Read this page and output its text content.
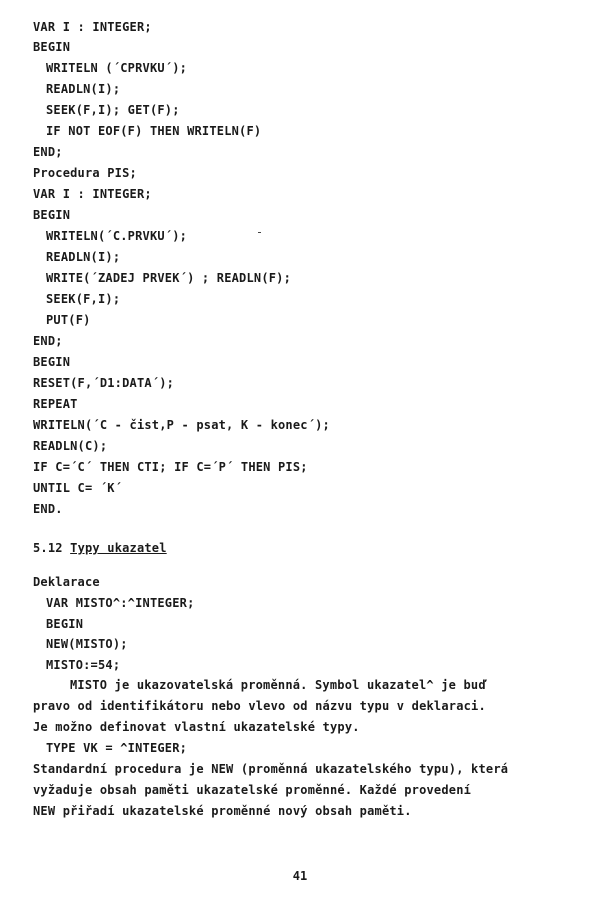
VAR I : INTEGER;
BEGIN
WRITELN (´CPRVKU´);
READLN(I);
SEEK(F,I); GET(F);
IF NOT EOF(F) THEN WRITELN(F)
END;
Procedura PIS;
VAR I : INTEGER;
BEGIN
WRITELN(´C.PRVKU´);
READLN(I);
WRITE(´ZADEJ PRVEK´) ; READLN(F);
SEEK(F,I);
PUT(F)
END;
BEGIN
RESET(F,´D1:DATA´);
REPEAT
WRITELN(´C - čist,P - psat, K - konec´);
READLN(C);
IF C=´C´ THEN CTI; IF C=´P´ THEN PIS;
UNTIL C= ´K´
END.
5.12 Typy ukazatel
Deklarace
VAR MISTO^:^INTEGER;
BEGIN
NEW(MISTO);
MISTO:=54;
MISTO je ukazovatelská proměnná. Symbol ukazatel^ je buď
pravo od identifikátoru nebo vlevo od názvu typu v deklaraci.
Je možno definovat vlastní ukazatelské typy.
TYPE VK = ^INTEGER;
Standardní procedura je NEW (proměnná ukazatelského typu), která
vyžaduje obsah paměti ukazatelské proměnné. Každé provedení
NEW přiřadí ukazatelské proměnné nový obsah paměti.
41
